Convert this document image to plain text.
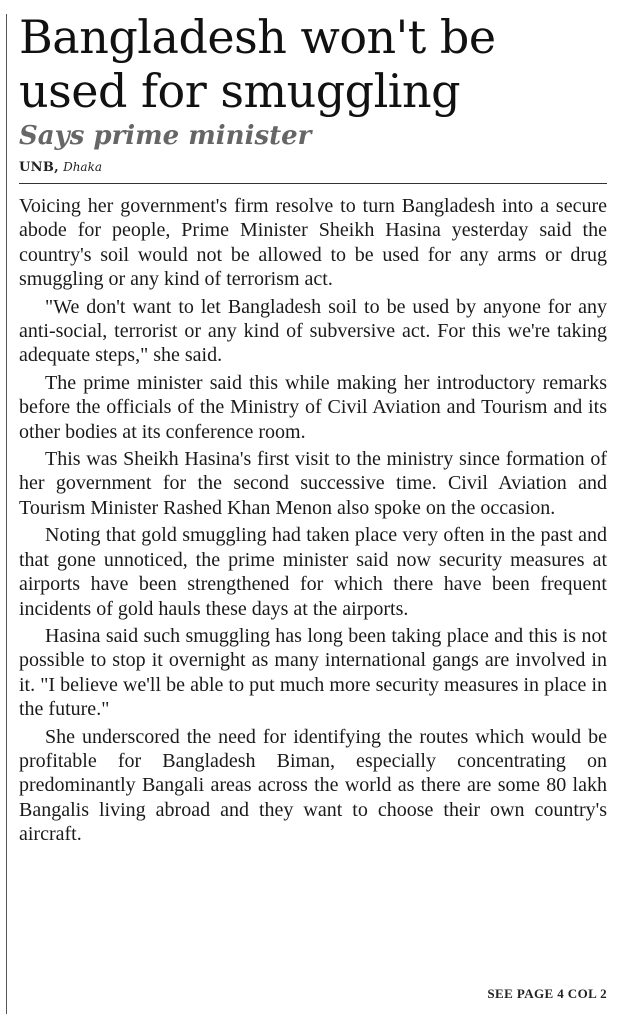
Bangladesh won't be used for smuggling
Says prime minister
UNB, Dhaka

Voicing her government's firm resolve to turn Bangladesh into a secure abode for people, Prime Minister Sheikh Hasina yesterday said the country's soil would not be allowed to be used for any arms or drug smuggling or any kind of terrorism act.

"We don't want to let Bangladesh soil to be used by anyone for any anti-social, terrorist or any kind of subversive act. For this we're taking adequate steps," she said.

The prime minister said this while making her introductory remarks before the officials of the Ministry of Civil Aviation and Tourism and its other bodies at its conference room.

This was Sheikh Hasina's first visit to the ministry since formation of her government for the second successive time. Civil Aviation and Tourism Minister Rashed Khan Menon also spoke on the occasion.

Noting that gold smuggling had taken place very often in the past and that gone unnoticed, the prime minister said now security measures at airports have been strengthened for which there have been frequent incidents of gold hauls these days at the airports.

Hasina said such smuggling has long been taking place and this is not possible to stop it overnight as many international gangs are involved in it. "I believe we'll be able to put much more security measures in place in the future."

She underscored the need for identifying the routes which would be profitable for Bangladesh Biman, especially concentrating on predominantly Bangali areas across the world as there are some 80 lakh Bangalis living abroad and they want to choose their own country's aircraft.

SEE PAGE 4 COL 2
